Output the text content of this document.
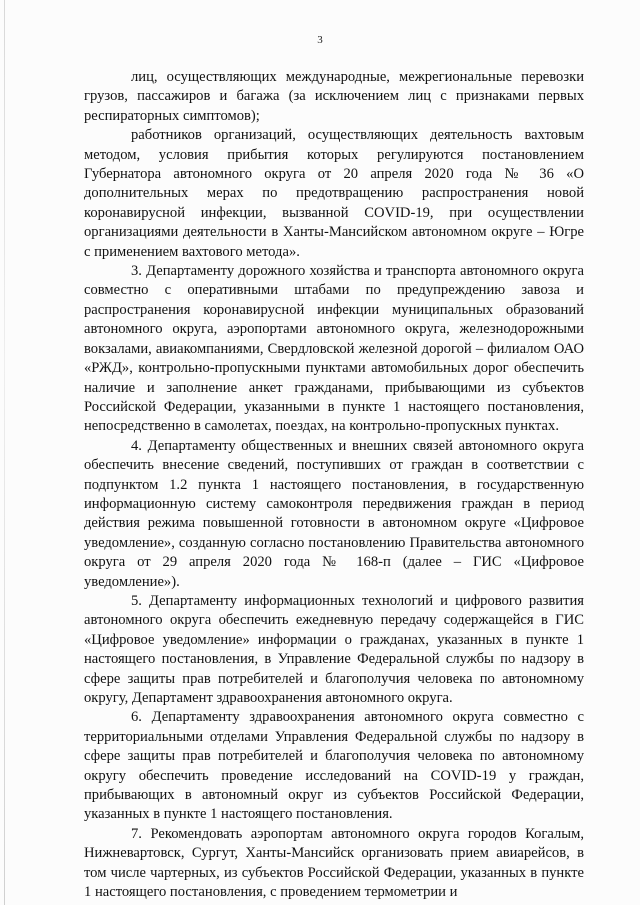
3

лиц, осуществляющих международные, межрегиональные перевозки грузов, пассажиров и багажа (за исключением лиц с признаками первых респираторных симптомов);

работников организаций, осуществляющих деятельность вахтовым методом, условия прибытия которых регулируются постановлением Губернатора автономного округа от 20 апреля 2020 года № 36 «О дополнительных мерах по предотвращению распространения новой коронавирусной инфекции, вызванной COVID-19, при осуществлении организациями деятельности в Ханты-Мансийском автономном округе – Югре с применением вахтового метода».

3. Департаменту дорожного хозяйства и транспорта автономного округа совместно с оперативными штабами по предупреждению завоза и распространения коронавирусной инфекции муниципальных образований автономного округа, аэропортами автономного округа, железнодорожными вокзалами, авиакомпаниями, Свердловской железной дорогой – филиалом ОАО «РЖД», контрольно-пропускными пунктами автомобильных дорог обеспечить наличие и заполнение анкет гражданами, прибывающими из субъектов Российской Федерации, указанными в пункте 1 настоящего постановления, непосредственно в самолетах, поездах, на контрольно-пропускных пунктах.

4. Департаменту общественных и внешних связей автономного округа обеспечить внесение сведений, поступивших от граждан в соответствии с подпунктом 1.2 пункта 1 настоящего постановления, в государственную информационную систему самоконтроля передвижения граждан в период действия режима повышенной готовности в автономном округе «Цифровое уведомление», созданную согласно постановлению Правительства автономного округа от 29 апреля 2020 года № 168-п (далее – ГИС «Цифровое уведомление»).

5. Департаменту информационных технологий и цифрового развития автономного округа обеспечить ежедневную передачу содержащейся в ГИС «Цифровое уведомление» информации о гражданах, указанных в пункте 1 настоящего постановления, в Управление Федеральной службы по надзору в сфере защиты прав потребителей и благополучия человека по автономному округу, Департамент здравоохранения автономного округа.

6. Департаменту здравоохранения автономного округа совместно с территориальными отделами Управления Федеральной службы по надзору в сфере защиты прав потребителей и благополучия человека по автономному округу обеспечить проведение исследований на COVID-19 у граждан, прибывающих в автономный округ из субъектов Российской Федерации, указанных в пункте 1 настоящего постановления.

7. Рекомендовать аэропортам автономного округа городов Когалым, Нижневартовск, Сургут, Ханты-Мансийск организовать прием авиарейсов, в том числе чартерных, из субъектов Российской Федерации, указанных в пункте 1 настоящего постановления, с проведением термометрии и
